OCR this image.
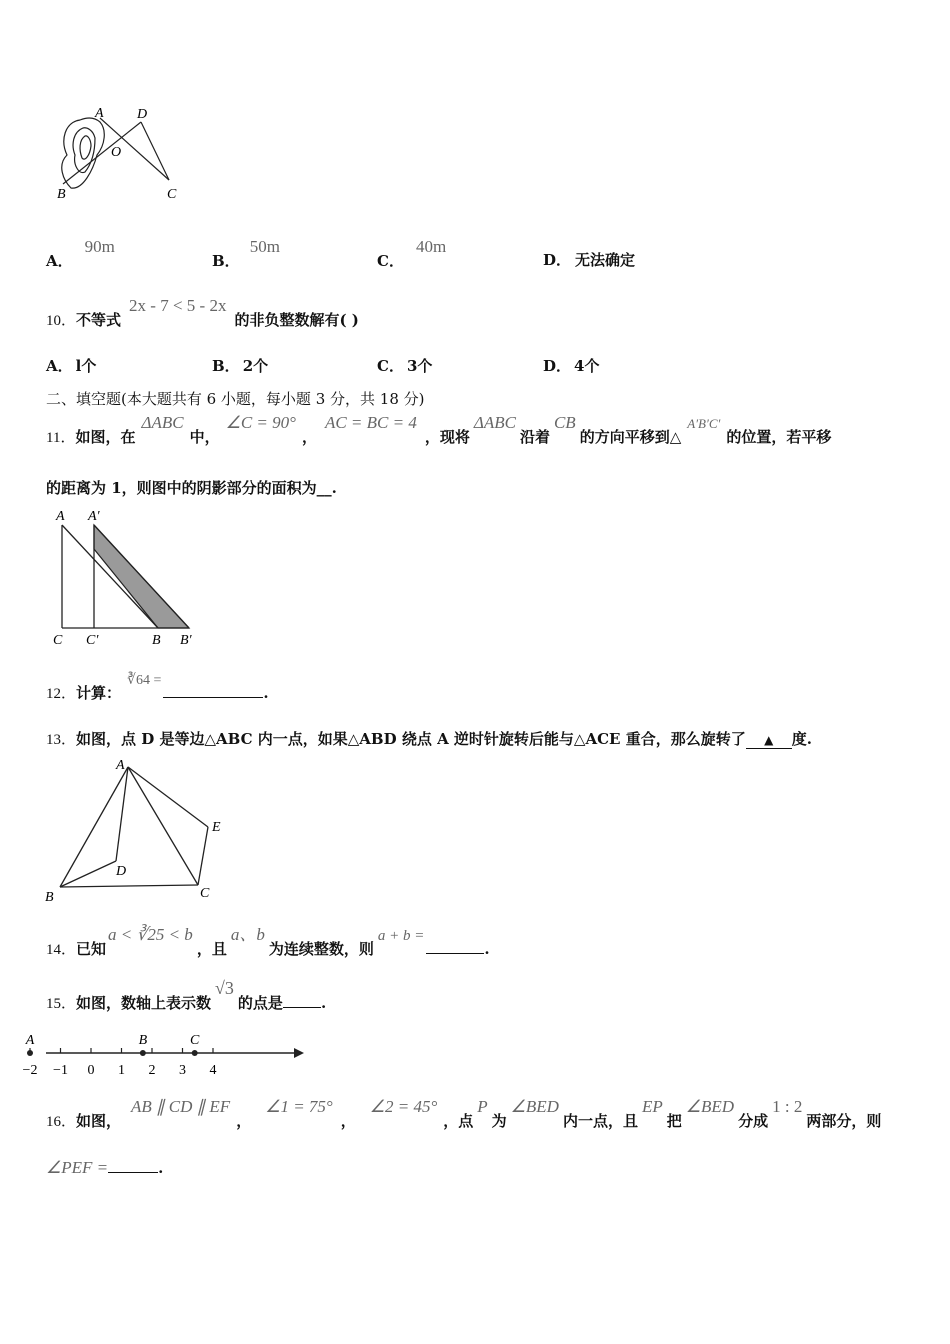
A D
O
B	C
A．90m
B．50m
C．40m
D． 无法确定
10．不等式2x - 7 < 5 - 2x的非负整数解有( )
A． l个	B． 2个	C． 3个	D． 4个
二、填空题(本大题共有 6 小题，每小题 3 分，共 18 分)
11．如图，在ΔABC中，∠C = 90°，AC = BC = 4，现将ΔABC沿着CB的方向平移到△A′B′C′的位置，若平移
的距离为 1，则图中的阴影部分的面积为__.
A A′
C C′	B B′
12．计算：∛64 =.
13．如图，点 D 是等边△ABC 内一点，如果△ABD 绕点 A 逆时针旋转后能与△ACE 重合，那么旋转了 ▲ 度.
A
E
D
B	C
14．已知a < ∛25 < b，且a、b为连续整数，则a + b =.
15．如图，数轴上表示数√3的点是	.
−2 −1 0 1 2 3 4
A	B	C
16．如图，AB ∥ CD ∥ EF，∠1 = 75°，∠2 = 45°，点P为∠BED内一点，且EP把∠BED分成1 : 2两部分，则
∠PEF =	.
